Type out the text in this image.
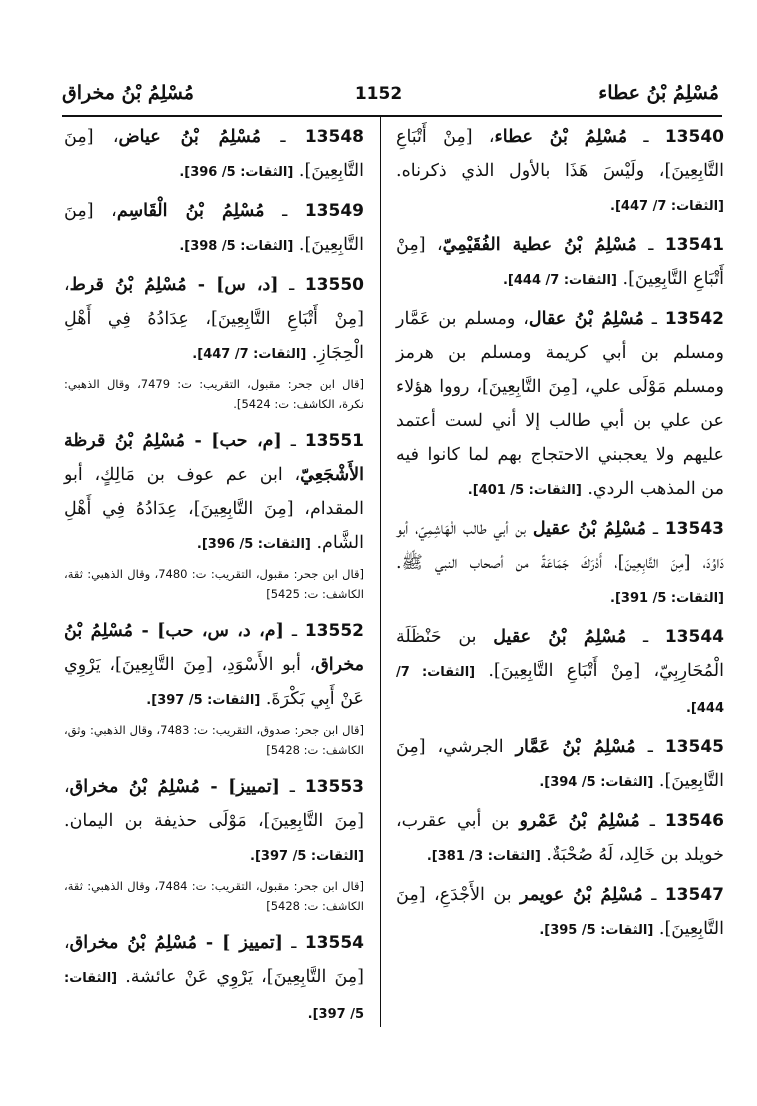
مُسْلِمُ بْنُ عطاء
1152
مُسْلِمُ بْنُ مخراق
13540 ـ مُسْلِمُ بْنُ عطاء، [مِنْ أَتْبَاعِ التَّابِعِينَ]، ولَيْسَ هَذَا بالأول الذي ذكرناه. [الثقات: 7/ 447].
13541 ـ مُسْلِمُ بْنُ عطية الفُقَيْمِيّ، [مِنْ أَتْبَاعِ التَّابِعِينَ]. [الثقات: 7/ 444].
13542 ـ مُسْلِمُ بْنُ عقال، ومسلم بن عَمَّار ومسلم بن أبي كريمة ومسلم بن هرمز ومسلم مَوْلَى علي، [مِنَ التَّابِعِينَ]، رووا هؤلاء عن علي بن أبي طالب إلا أني لست أعتمد عليهم ولا يعجبني الاحتجاج بهم لما كانوا فيه من المذهب الردي. [الثقات: 5/ 401].
13543 ـ مُسْلِمُ بْنُ عقيل بن أبي طالب الْهَاشِمِيّ، أبو دَاوُدَ، [مِنَ التَّابِعِينَ]، أَدْرَكَ جَمَاعَةً من أصحاب النبي ﷺ. [الثقات: 5/ 391].
13544 ـ مُسْلِمُ بْنُ عقيل بن حَنْظَلَة الْمُحَارِبِيّ، [مِنْ أَتْبَاعِ التَّابِعِينَ]. [الثقات: 7/ 444].
13545 ـ مُسْلِمُ بْنُ عَمَّار الجرشي، [مِنَ التَّابِعِينَ]. [الثقات: 5/ 394].
13546 ـ مُسْلِمُ بْنُ عَمْرو بن أبي عقرب، خويلد بن خَالِد، لَهُ صُحْبَةٌ. [الثقات: 3/ 381].
13547 ـ مُسْلِمُ بْنُ عويمر بن الأَجْدَعِ، [مِنَ التَّابِعِينَ]. [الثقات: 5/ 395].
13548 ـ مُسْلِمُ بْنُ عياض، [مِنَ التَّابِعِينَ]. [الثقات: 5/ 396].
13549 ـ مُسْلِمُ بْنُ الْقَاسِم، [مِنَ التَّابِعِينَ]. [الثقات: 5/ 398].
13550 ـ [د، س] - مُسْلِمُ بْنُ قرط، [مِنْ أَتْبَاعِ التَّابِعِينَ]، عِدَادُهُ فِي أَهْلِ الْحِجَازِ. [الثقات: 7/ 447].
[قال ابن جحر: مقبول، التقريب: ت: 7479، وقال الذهبي: نكرة، الكاشف: ت: 5424].
13551 ـ [م، حب] - مُسْلِمُ بْنُ قرظة الأَشْجَعِيّ، ابن عم عوف بن مَالِكٍ، أبو المقدام، [مِنَ التَّابِعِينَ]، عِدَادُهُ فِي أَهْلِ الشَّام. [الثقات: 5/ 396].
[قال ابن جحر: مقبول، التقريب: ت: 7480، وقال الذهبي: ثقة، الكاشف: ت: 5425]
13552 ـ [م، د، س، حب] - مُسْلِمُ بْنُ مخراق، أبو الأَسْوَدِ، [مِنَ التَّابِعِينَ]، يَرْوِي عَنْ أَبِي بَكْرَةَ. [الثقات: 5/ 397].
[قال ابن جحر: صدوق، التقريب: ت: 7483، وقال الذهبي: وثق، الكاشف: ت: 5428]
13553 ـ [تمييز] - مُسْلِمُ بْنُ مخراق، [مِنَ التَّابِعِينَ]، مَوْلَى حذيفة بن اليمان. [الثقات: 5/ 397].
[قال ابن جحر: مقبول، التقريب: ت: 7484، وقال الذهبي: ثقة، الكاشف: ت: 5428]
13554 ـ [تمييز ] - مُسْلِمُ بْنُ مخراق، [مِنَ التَّابِعِينَ]، يَرْوِي عَنْ عائشة. [الثقات: 5/ 397].
